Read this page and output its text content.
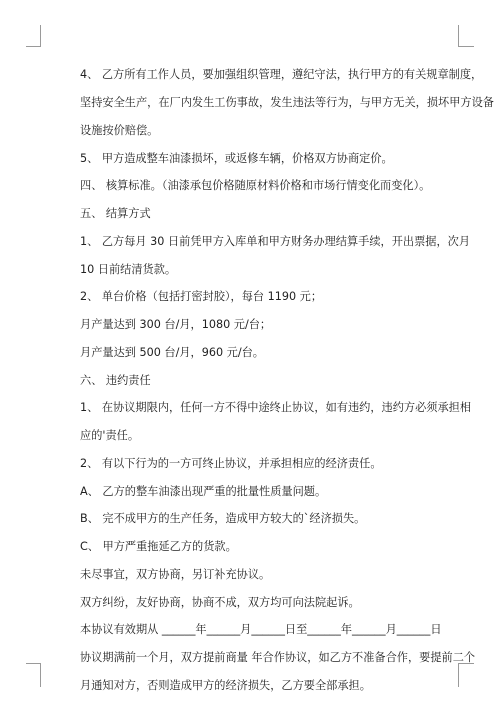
4、 乙方所有工作人员，要加强组织管理，遵纪守法，执行甲方的有关规章制度，
坚持安全生产，在厂内发生工伤事故，发生违法等行为，与甲方无关，损坏甲方设备
设施按价赔偿。
5、 甲方造成整车油漆损坏，或返修车辆，价格双方协商定价。
四、 核算标准。（油漆承包价格随原材料价格和市场行情变化而变化）。
五、 结算方式
1、 乙方每月 30 日前凭甲方入库单和甲方财务办理结算手续，开出票据，次月
10 日前结清货款。
2、 单台价格（包括打密封胶），每台 1190 元；
月产量达到 300 台/月，1080 元/台；
月产量达到 500 台/月，960 元/台。
六、 违约责任
1、 在协议期限内，任何一方不得中途终止协议，如有违约，违约方必须承担相
应的'责任。
2、 有以下行为的一方可终止协议，并承担相应的经济责任。
A、 乙方的整车油漆出现严重的批量性质量问题。
B、 完不成甲方的生产任务，造成甲方较大的`经济损失。
C、 甲方严重拖延乙方的货款。
未尽事宜，双方协商，另订补充协议。
双方纠纷，友好协商，协商不成，双方均可向法院起诉。
本协议有效期从 ______年______月______日至______年______月______日
协议期满前一个月，双方提前商量 年合作协议，如乙方不准备合作，要提前二个
月通知对方，否则造成甲方的经济损失，乙方要全部承担。
